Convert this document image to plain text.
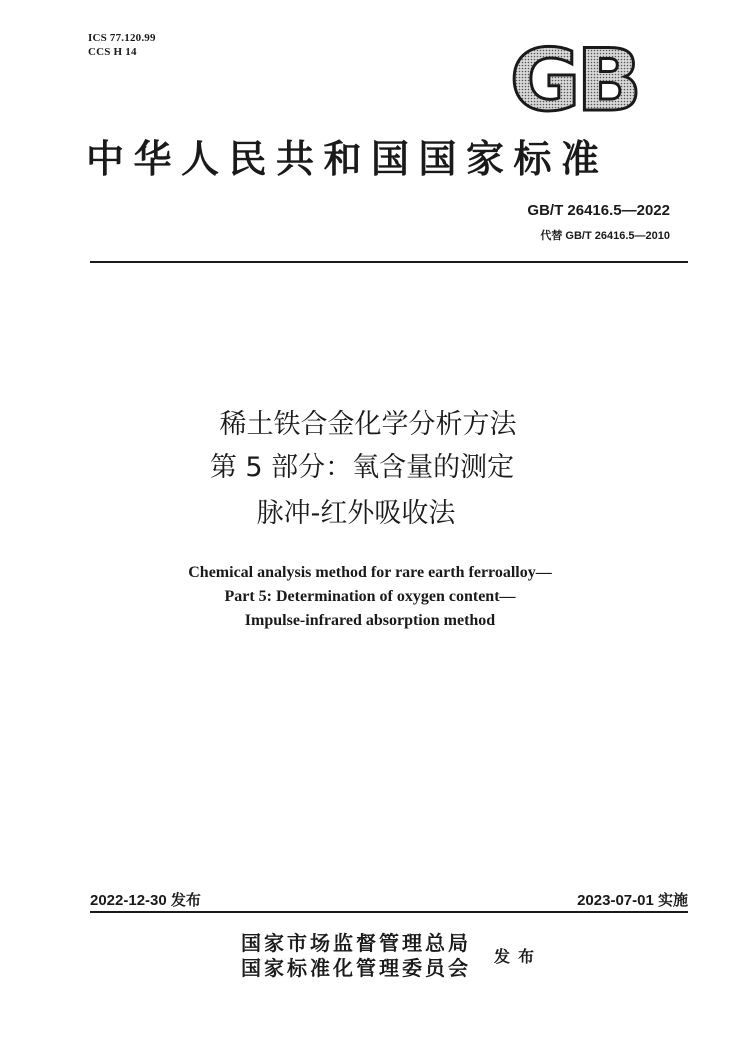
ICS 77.120.99
CCS H 14	GB
中华人民共和国国家标准
GB/T 26416.5—2022
代替 GB/T 26416.5—2010
稀土铁合金化学分析方法
第 5 部分：氧含量的测定
脉冲-红外吸收法
Chemical analysis method for rare earth ferroalloy—
Part 5: Determination of oxygen content—
Impulse-infrared absorption method
2022-12-30 发布	2023-07-01 实施
国家市场监督管理总局
国家标准化管理委员会 发布
